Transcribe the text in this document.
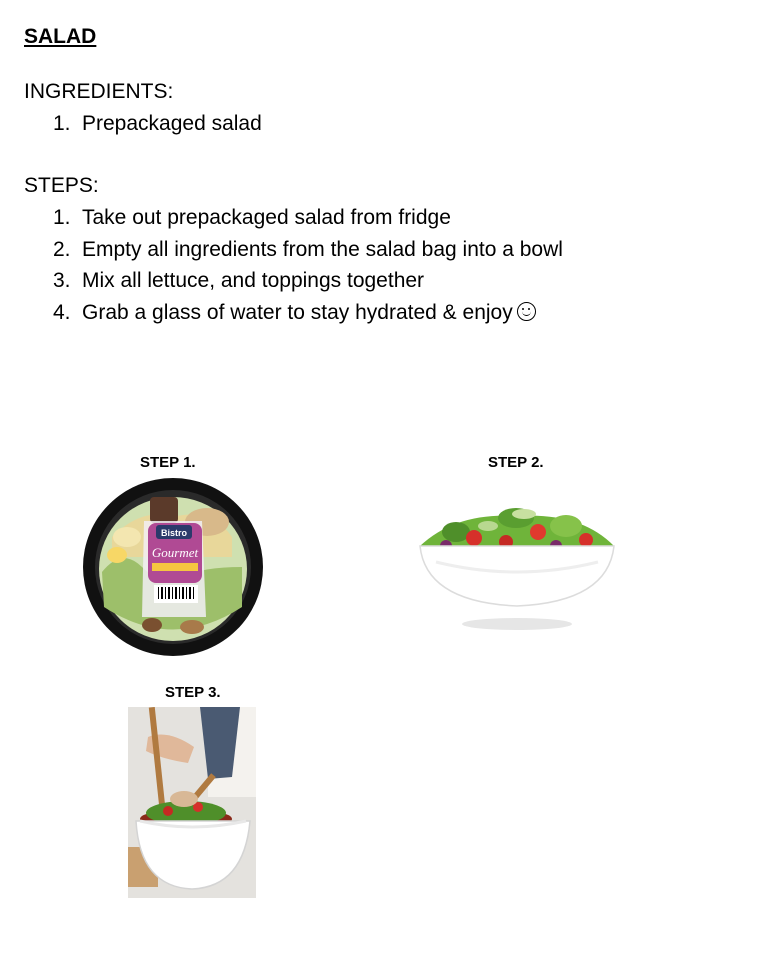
SALAD
INGREDIENTS:
1. Prepackaged salad
STEPS:
1. Take out prepackaged salad from fridge
2. Empty all ingredients from the salad bag into a bowl
3. Mix all lettuce, and toppings together
4. Grab a glass of water to stay hydrated & enjoy
STEP 1.
Bistro
Gourmet
STEP 2.
STEP 3.
